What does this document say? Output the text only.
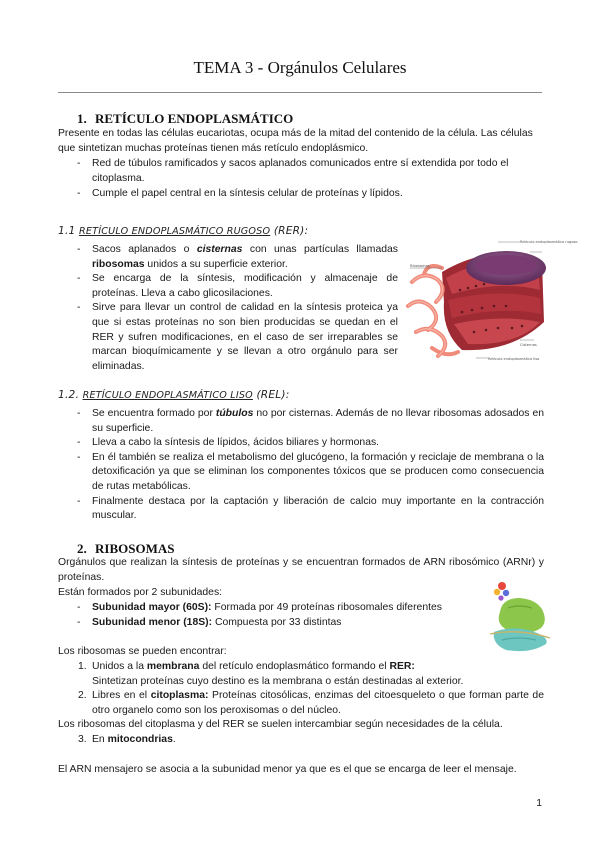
TEMA 3 - Orgánulos Celulares
1. RETÍCULO ENDOPLASMÁTICO
Presente en todas las células eucariotas, ocupa más de la mitad del contenido de la célula. Las células que sintetizan muchas proteínas tienen más retículo endoplásmico.
- Red de túbulos ramificados y sacos aplanados comunicados entre sí extendida por todo el citoplasma.
- Cumple el papel central en la síntesis celular de proteínas y lípidos.
1.1 RETÍCULO ENDOPLASMÁTICO RUGOSO (RER):
- Sacos aplanados o cisternas con unas partículas llamadas ribosomas unidos a su superficie exterior.
- Se encarga de la síntesis, modificación y almacenaje de proteínas. Lleva a cabo glicosilaciones.
- Sirve para llevar un control de calidad en la síntesis proteica ya que si estas proteínas no son bien producidas se quedan en el RER y sufren modificaciones, en el caso de ser irreparables se marcan bioquímicamente y se llevan a otro orgánulo para ser eliminadas.
Retículo endoplasmático rugoso
Ribosomas
Retículo endoplasmático liso
Cisternas
1.2. RETÍCULO ENDOPLASMÁTICO LISO (REL):
- Se encuentra formado por túbulos no por cisternas. Además de no llevar ribosomas adosados en su superficie.
- Lleva a cabo la síntesis de lípidos, ácidos biliares y hormonas.
- En él también se realiza el metabolismo del glucógeno, la formación y reciclaje de membrana o la detoxificación ya que se eliminan los componentes tóxicos que se producen como consecuencia de rutas metabólicas.
- Finalmente destaca por la captación y liberación de calcio muy importante en la contracción muscular.
2. RIBOSOMAS
Orgánulos que realizan la síntesis de proteínas y se encuentran formados de ARN ribosómico (ARNr) y proteínas.
Están formados por 2 subunidades:
- Subunidad mayor (60S): Formada por 49 proteínas ribosomales diferentes
- Subunidad menor (18S): Compuesta por 33 distintas
Los ribosomas se pueden encontrar:
1. Unidos a la membrana del retículo endoplasmático formando el RER:
Sintetizan proteínas cuyo destino es la membrana o están destinadas al exterior.
2. Libres en el citoplasma: Proteínas citosólicas, enzimas del citoesqueleto o que forman parte de otro organelo como son los peroxisomas o del núcleo.
Los ribosomas del citoplasma y del RER se suelen intercambiar según necesidades de la célula.
3. En mitocondrias.
El ARN mensajero se asocia a la subunidad menor ya que es el que se encarga de leer el mensaje.
1
